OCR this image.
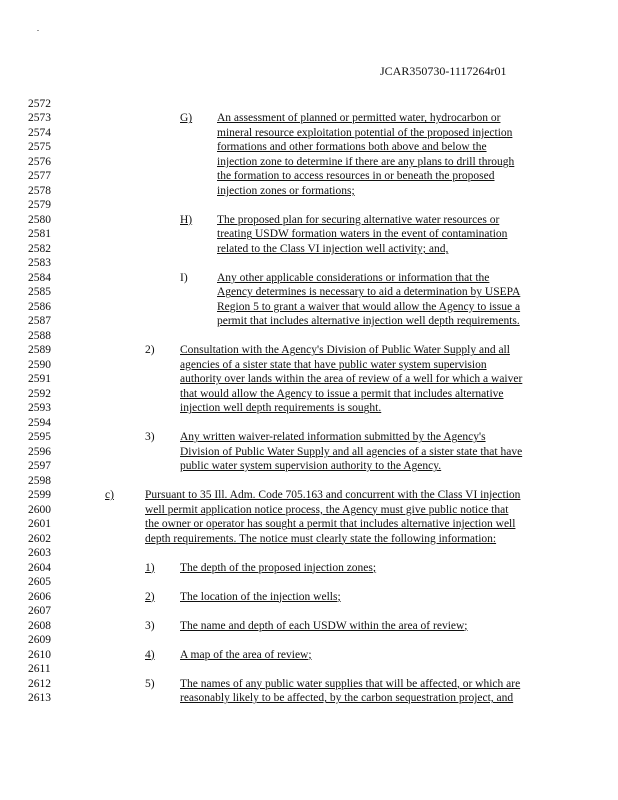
JCAR350730-1117264r01
2572
2573	G) An assessment of planned or permitted water, hydrocarbon or
2574	mineral resource exploitation potential of the proposed injection
2575	formations and other formations both above and below the
2576	injection zone to determine if there are any plans to drill through
2577	the formation to access resources in or beneath the proposed
2578	injection zones or formations;
2579
2580	H) The proposed plan for securing alternative water resources or
2581	treating USDW formation waters in the event of contamination
2582	related to the Class VI injection well activity; and,
2583
2584	I)	Any other applicable considerations or information that the
2585	Agency determines is necessary to aid a determination by USEPA
2586	Region 5 to grant a waiver that would allow the Agency to issue a
2587	permit that includes alternative injection well depth requirements.
2588
2589	2) Consultation with the Agency's Division of Public Water Supply and all
2590	agencies of a sister state that have public water system supervision
2591	authority over lands within the area of review of a well for which a waiver
2592	that would allow the Agency to issue a permit that includes alternative
2593	injection well depth requirements is sought.
2594
2595	3) Any written waiver-related information submitted by the Agency's
2596	Division of Public Water Supply and all agencies of a sister state that have
2597	public water system supervision authority to the Agency.
2598
2599	c)	Pursuant to 35 Ill. Adm. Code 705.163 and concurrent with the Class VI injection
2600	well permit application notice process, the Agency must give public notice that
2601	the owner or operator has sought a permit that includes alternative injection well
2602	depth requirements. The notice must clearly state the following information:
2603
2604	1) The depth of the proposed injection zones;
2605
2606	2) The location of the injection wells;
2607
2608	3) The name and depth of each USDW within the area of review;
2609
2610	4) A map of the area of review;
2611
2612	5) The names of any public water supplies that will be affected, or which are
2613	reasonably likely to be affected, by the carbon sequestration project, and
